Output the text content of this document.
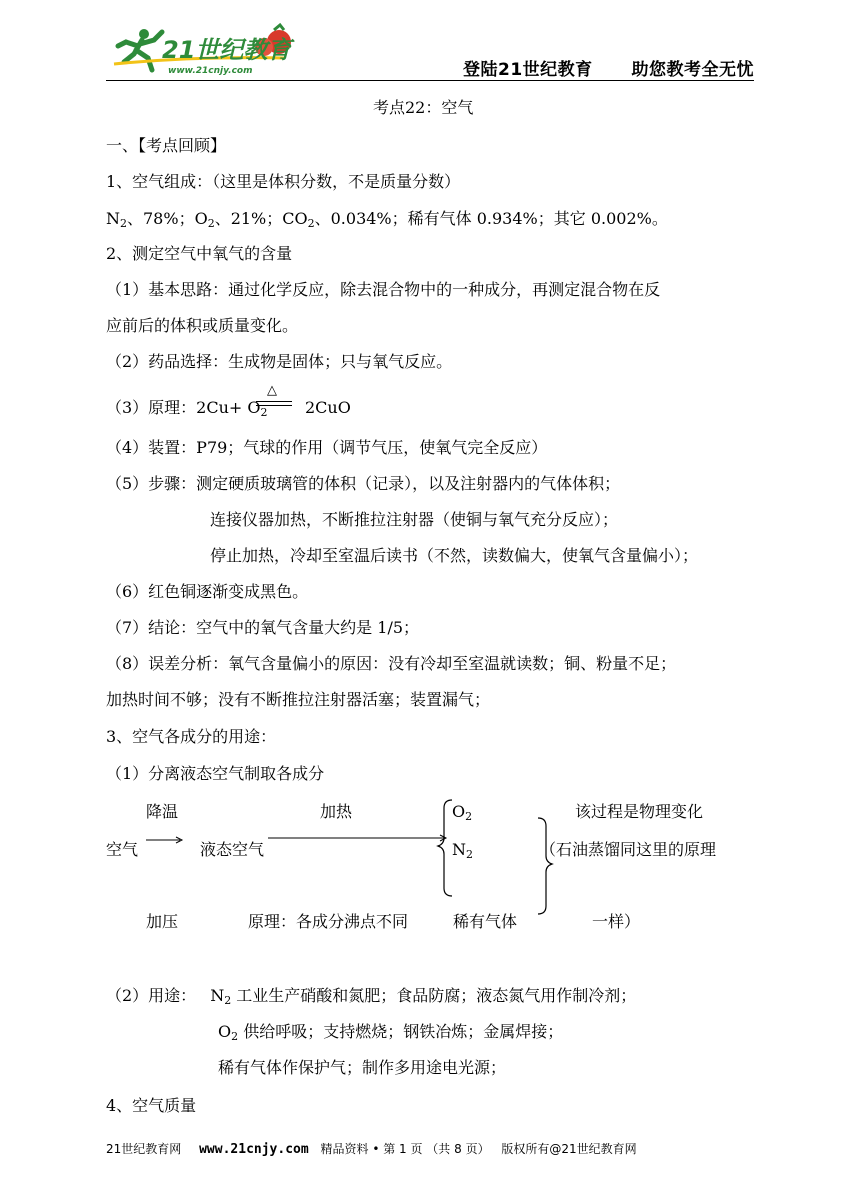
21世纪教育
www.21cnjy.com	登陆21世纪教育 助您教考全无忧
考点22：空气
一、【考点回顾】
1、空气组成：（这里是体积分数，不是质量分数）
$N_2$、78%；$O_2$、21%；$CO_2$、0.034%；稀有气体 0.934%；其它 0.002%。
2、测定空气中氧气的含量
（1）基本思路：通过化学反应，除去混合物中的一种成分，再测定混合物在反
应前后的体积或质量变化。
（2）药品选择：生成物是固体；只与氧气反应。
（3）原理：$2Cu+ O_2$
△
2CuO
（4）装置：P79；气球的作用（调节气压，使氧气完全反应）
（5）步骤：测定硬质玻璃管的体积（记录），以及注射器内的气体体积；
连接仪器加热，不断推拉注射器（使铜与氧气充分反应）；
停止加热，冷却至室温后读书（不然，读数偏大，使氧气含量偏小）；
（6）红色铜逐渐变成黑色。
（7）结论：空气中的氧气含量大约是 1/5；
（8）误差分析：氧气含量偏小的原因：没有冷却至室温就读数；铜、粉量不足；
加热时间不够；没有不断推拉注射器活塞；装置漏气；
3、空气各成分的用途：
（1）分离液态空气制取各成分
降温	加热	$O_2$	该过程是物理变化
空气	液态空气	$N_2$	（石油蒸馏同这里的原理
加压	原理：各成分沸点不同	稀有气体	一样）
（2）用途： $N_2$ 工业生产硝酸和氮肥；食品防腐；液态氮气用作制冷剂；
$O_2$ 供给呼吸；支持燃烧；钢铁冶炼；金属焊接；
稀有气体作保护气；制作多用途电光源；
4、空气质量
21世纪教育网 www.21cnjy.com 精品资料 • 第 1 页 （共 8 页） 版权所有@21世纪教育网
